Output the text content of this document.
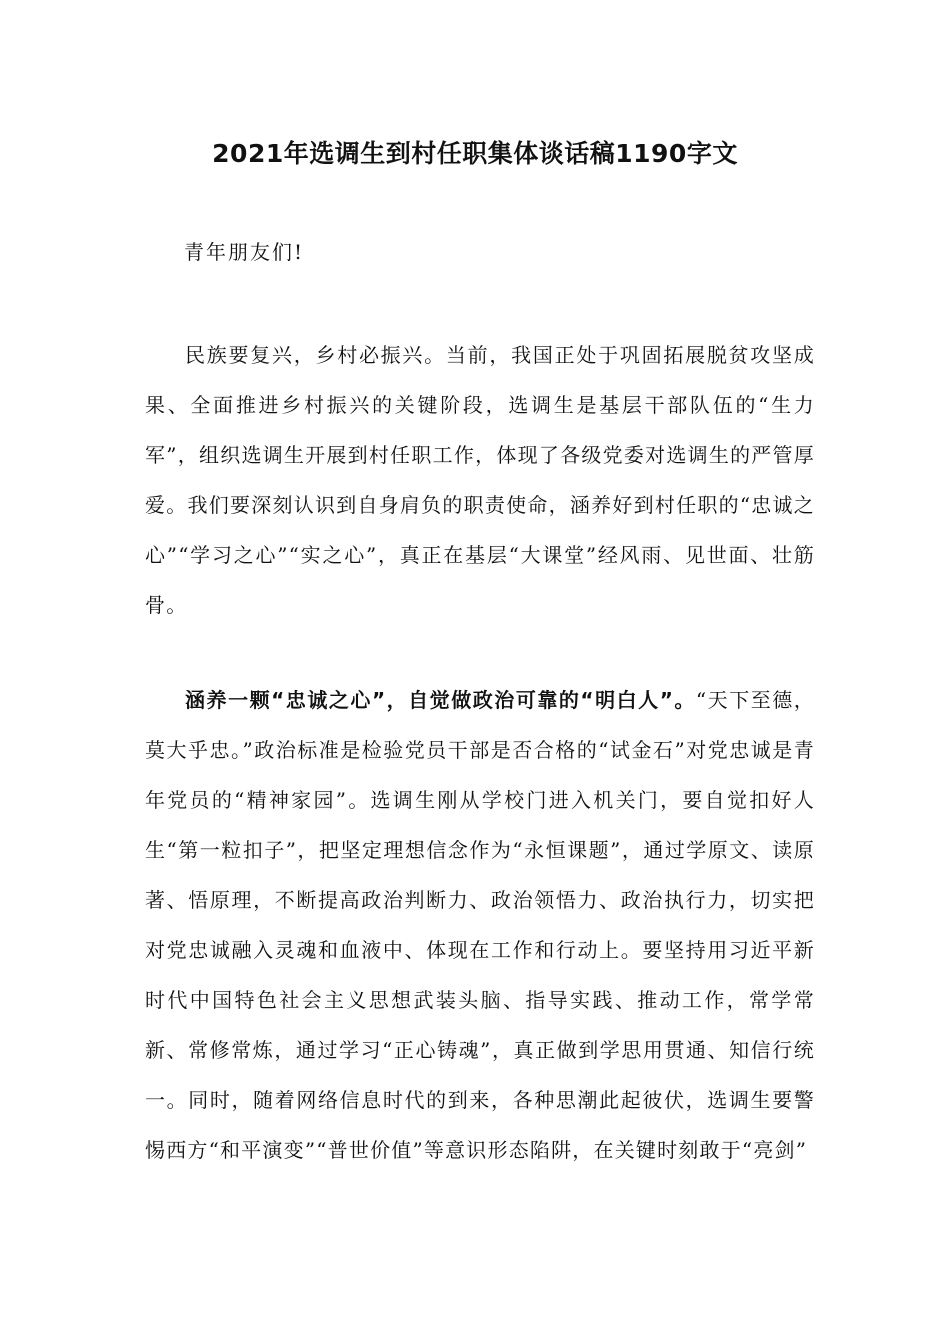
2021年选调生到村任职集体谈话稿1190字文

青年朋友们!

民族要复兴，乡村必振兴。当前，我国正处于巩固拓展脱贫攻坚成果、全面推进乡村振兴的关键阶段，选调生是基层干部队伍的“生力军”，组织选调生开展到村任职工作，体现了各级党委对选调生的严管厚爱。我们要深刻认识到自身肩负的职责使命，涵养好到村任职的“忠诚之心”“学习之心”“实之心”，真正在基层“大课堂”经风雨、见世面、壮筋骨。

涵养一颗“忠诚之心”，自觉做政治可靠的“明白人”。“天下至德，莫大乎忠。”政治标准是检验党员干部是否合格的“试金石”对党忠诚是青年党员的“精神家园”。选调生刚从学校门进入机关门，要自觉扣好人生“第一粒扣子”，把坚定理想信念作为“永恒课题”，通过学原文、读原著、悟原理，不断提高政治判断力、政治领悟力、政治执行力，切实把对党忠诚融入灵魂和血液中、体现在工作和行动上。要坚持用习近平新时代中国特色社会主义思想武装头脑、指导实践、推动工作，常学常新、常修常炼，通过学习“正心铸魂”，真正做到学思用贯通、知信行统一。同时，随着网络信息时代的到来，各种思潮此起彼伏，选调生要警惕西方“和平演变”“普世价值”等意识形态陷阱，在关键时刻敢于“亮剑”
